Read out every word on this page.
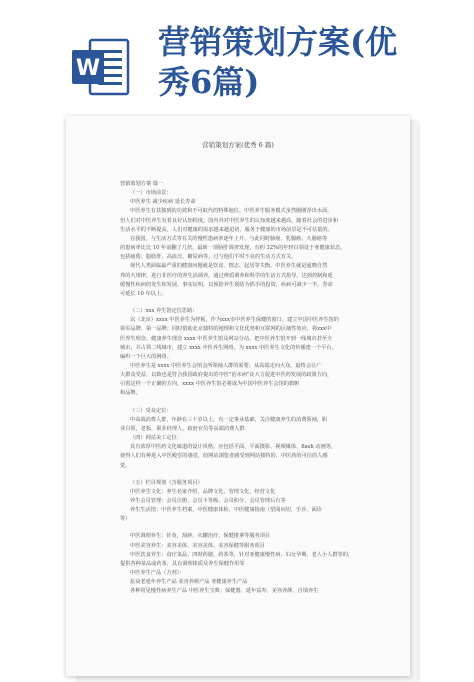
W
营销策划方案(优
秀6篇)

营销策划方案(优秀 6 篇)

营销策划方案 篇一

（一）市场前景：

中医养生 减少疾病 延长寿命

中医养生有其独到的功效和不可取代的特殊地位。中医养生服务模式虽然刚刚浮出水面，

但人们对中医养生有着良好认知程度。国内外对中医养生的认知度越来越高，随着社会的进步和

生活水平的不断提高，人们对健康的需求越来越迫切，服务于健康的市场前景是不可估量的。

在我国，与生活方式等有关的慢性患病率逐年上升。与此同时肺癌、乳腺癌、大肠癌等

的患病率比比 10 年前翻了几倍，最新一项胁肝调查发现，有约 32%的年轻白领处于亚健康状态，

包括疲倦、脂肪肝、高血压、糖尿病等。过与他们平时不良的生活方式有关。

现代人类面临最严重的健康问题就是饮食、情志、起居等失衡。中医养生就是通晓自然

界的大规律，进行非医疗的养生活调养。通过辨质调养和科学的生活方式指导，达到控制和延

缓慢性疾病的发生和发展，事实证明，以预防养生预防为抓手的投资，疾病可减少一半，寿命

可延长 10 年以上。

（二）xxx 养生馆定位思路：

以（北京）xxxx 中医养生为样板，作为xxx市中医养生保健的窗口，建立中国中医养生馆的

领军品牌、第一品牌；同时借助北京独特的地理和文化优势和互联网的区域性效应，将xxx中

医养生理念、健康养生理念 xxxx 中医养生馆及网站分站，把中医养生馆开到一线城市甚至全

城市，并占领二线城市，建立 xxxx 中医养生网络，为 xxxx 中医养生文化的传播建一个平台，

编织一个巨大的网络。

中医养生是 xxxx 中医养生会馆会所领袖人群的需要；从高端走向大众，最终会让广

大群众受益，以致也是符合我国政府提出的中医"治未病"及大力促进中医药发展的政策方向，

引着这样一个正确的方向，xxxx 中医养生馆必将成为中国中医养生会馆的旗帜

和品牌。

（三）受众定位：

中高端消费人群，年龄在三十岁以上，有一定事业基础，关注健康养生的消费领袖，职

业白领，老板，职业经理人，政府官员等高端消费人群

（四）网站美工定位：

具有浓厚中医药文化味道的设计风格，应包括平面、平面摄影、视频媒体、flash 动画等，

使得人们有种进入中医殿堂的感觉，给网站浏览者感受到网站独特的、中医药的可信的人感

觉。

（五）栏目规划（含服务项目）

中医养生文化：养生名家介绍，品牌文化，管理文化，经营文化

养生会员管理：会员注册、会员卡等级、会员积分、会员管理后台等

养生生活馆：中医养生档案、中医健康体检、中医健康指南（望闻问切，手诊，面诊

等）

中医调理养生：针灸，刮痧，火罐治疗，保健推拿等服务项目

中医美容养生：美容美体、美容美体、美容保健等服务项目

中医饮食养生：食疗菜品，四时药膳，药茶等，针对亚健康慢性病、妇女孕期、老人小人群等的，

提供各种菜品或药茶，具有调理体质及养生保健作用等

中医养生产品（方剂）：

抗衰老延年养生产品 美容养颜产品 亚健康养生产品

各种常见慢性病养生产品 中医养生宝典：保健器、延年益寿、美容养颜、自填养生
